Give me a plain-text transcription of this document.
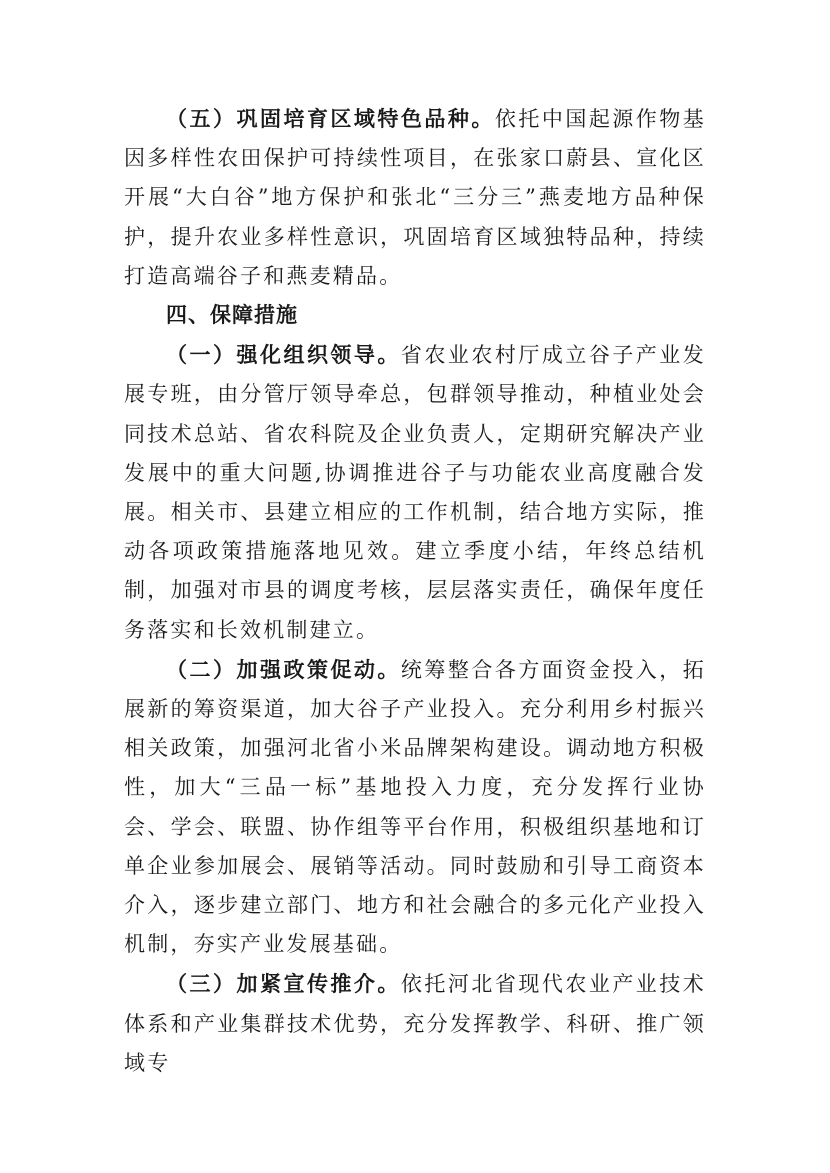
（五）巩固培育区域特色品种。依托中国起源作物基因多样性农田保护可持续性项目，在张家口蔚县、宣化区开展“大白谷”地方保护和张北“三分三”燕麦地方品种保护，提升农业多样性意识，巩固培育区域独特品种，持续打造高端谷子和燕麦精品。

四、保障措施

（一）强化组织领导。省农业农村厅成立谷子产业发展专班，由分管厅领导牵总，包群领导推动，种植业处会同技术总站、省农科院及企业负责人，定期研究解决产业发展中的重大问题,协调推进谷子与功能农业高度融合发展。相关市、县建立相应的工作机制，结合地方实际，推动各项政策措施落地见效。建立季度小结，年终总结机制，加强对市县的调度考核，层层落实责任，确保年度任务落实和长效机制建立。

（二）加强政策促动。统筹整合各方面资金投入，拓展新的筹资渠道，加大谷子产业投入。充分利用乡村振兴相关政策，加强河北省小米品牌架构建设。调动地方积极性，加大“三品一标”基地投入力度，充分发挥行业协会、学会、联盟、协作组等平台作用，积极组织基地和订单企业参加展会、展销等活动。同时鼓励和引导工商资本介入，逐步建立部门、地方和社会融合的多元化产业投入机制，夯实产业发展基础。

（三）加紧宣传推介。依托河北省现代农业产业技术体系和产业集群技术优势，充分发挥教学、科研、推广领域专
